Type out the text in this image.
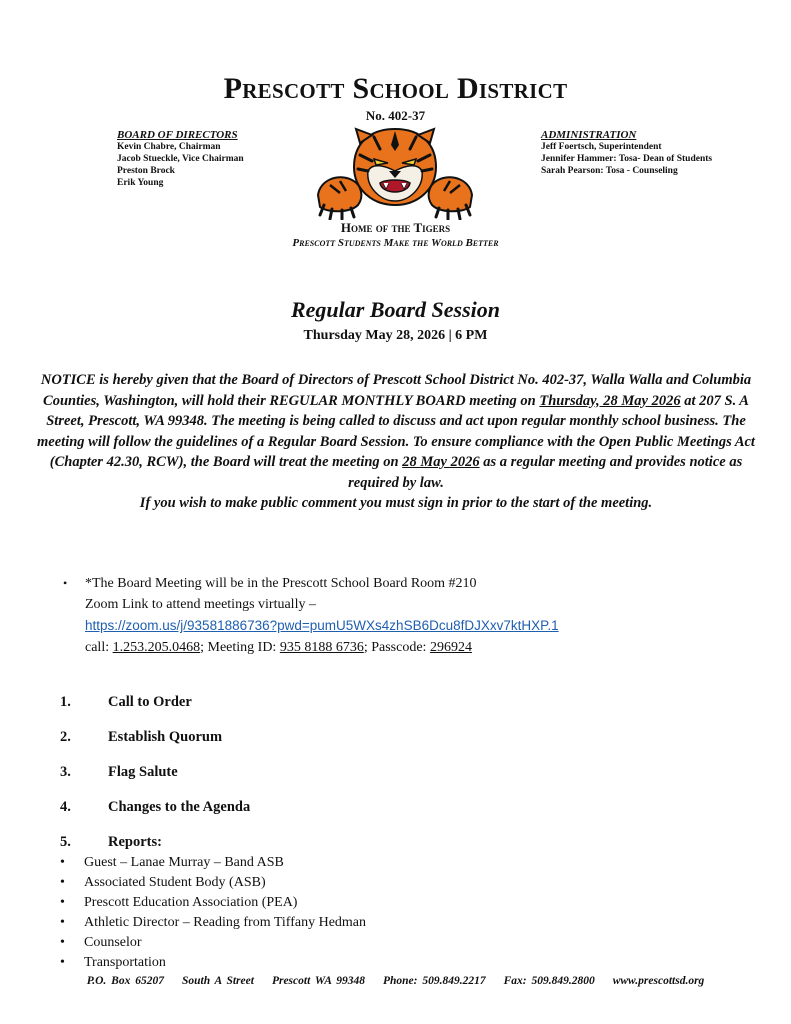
Prescott School District
No. 402-37
BOARD OF DIRECTORS
Kevin Chabre, Chairman
Jacob Stueckle, Vice Chairman
Preston Brock
Erik Young
ADMINISTRATION
Jeff Foertsch, Superintendent
Jennifer Hammer: Tosa- Dean of Students
Sarah Pearson: Tosa - Counseling
Home of the Tigers
Prescott Students Make the World Better
Regular Board Session
Thursday May 28, 2026 | 6 PM
NOTICE is hereby given that the Board of Directors of Prescott School District No. 402-37, Walla Walla and Columbia Counties, Washington, will hold their REGULAR MONTHLY BOARD meeting on Thursday, 28 May 2026 at 207 S. A Street, Prescott, WA 99348. The meeting is being called to discuss and act upon regular monthly school business. The meeting will follow the guidelines of a Regular Board Session. To ensure compliance with the Open Public Meetings Act (Chapter 42.30, RCW), the Board will treat the meeting on 28 May 2026 as a regular meeting and provides notice as required by law.
If you wish to make public comment you must sign in prior to the start of the meeting.
• *The Board Meeting will be in the Prescott School Board Room #210
Zoom Link to attend meetings virtually –
https://zoom.us/j/93581886736?pwd=pumU5WXs4zhSB6Dcu8fDJXxv7ktHXP.1
call: 1.253.205.0468; Meeting ID: 935 8188 6736; Passcode: 296924
1.	Call to Order
2.	Establish Quorum
3.	Flag Salute
4.	Changes to the Agenda
5.	Reports:
• Guest – Lanae Murray – Band ASB
• Associated Student Body (ASB)
• Prescott Education Association (PEA)
• Athletic Director – Reading from Tiffany Hedman
• Counselor
• Transportation
P.O. Box 65207 South A Street Prescott WA 99348 Phone: 509.849.2217 Fax: 509.849.2800 www.prescottsd.org
